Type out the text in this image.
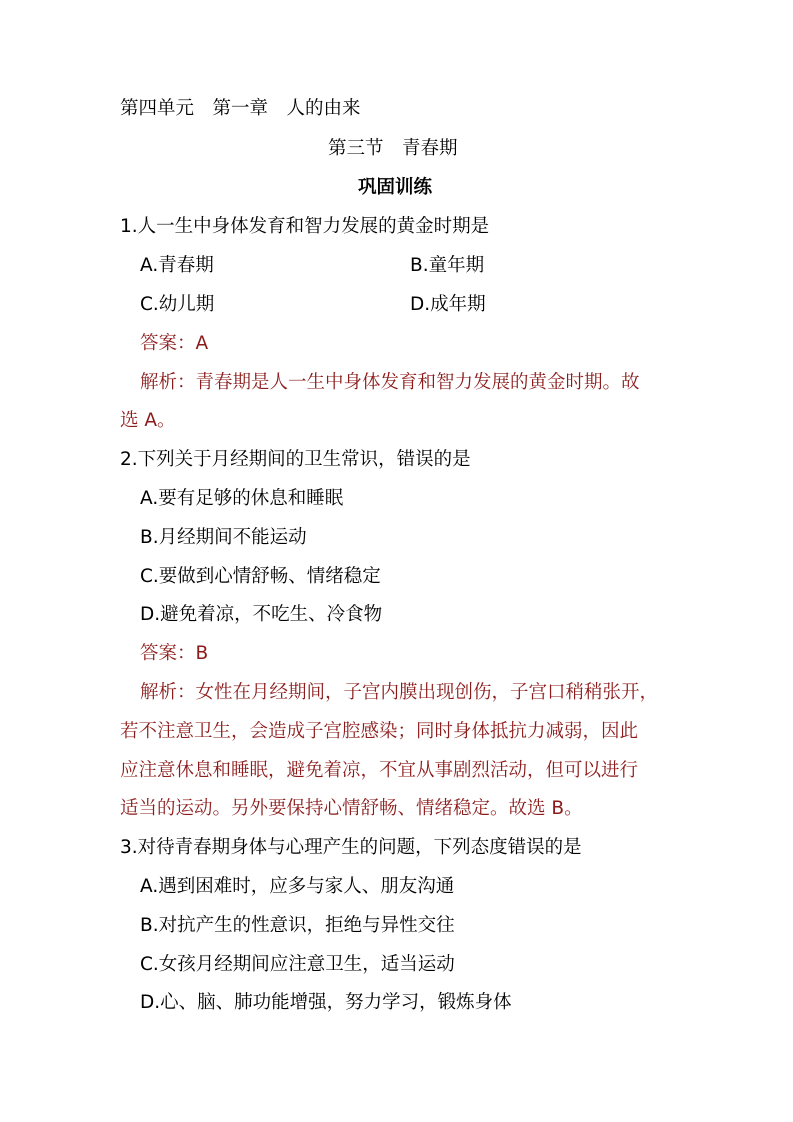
第四单元　第一章　人的由来
第三节　青春期
巩固训练
1.人一生中身体发育和智力发展的黄金时期是
A.青春期	B.童年期
C.幼儿期	D.成年期
答案：A
解析：青春期是人一生中身体发育和智力发展的黄金时期。故
选 A。
2.下列关于月经期间的卫生常识，错误的是
A.要有足够的休息和睡眠
B.月经期间不能运动
C.要做到心情舒畅、情绪稳定
D.避免着凉，不吃生、冷食物
答案：B
解析：女性在月经期间，子宫内膜出现创伤，子宫口稍稍张开，
若不注意卫生，会造成子宫腔感染；同时身体抵抗力减弱，因此
应注意休息和睡眠，避免着凉，不宜从事剧烈活动，但可以进行
适当的运动。另外要保持心情舒畅、情绪稳定。故选 B。
3.对待青春期身体与心理产生的问题，下列态度错误的是
A.遇到困难时，应多与家人、朋友沟通
B.对抗产生的性意识，拒绝与异性交往
C.女孩月经期间应注意卫生，适当运动
D.心、脑、肺功能增强，努力学习，锻炼身体
